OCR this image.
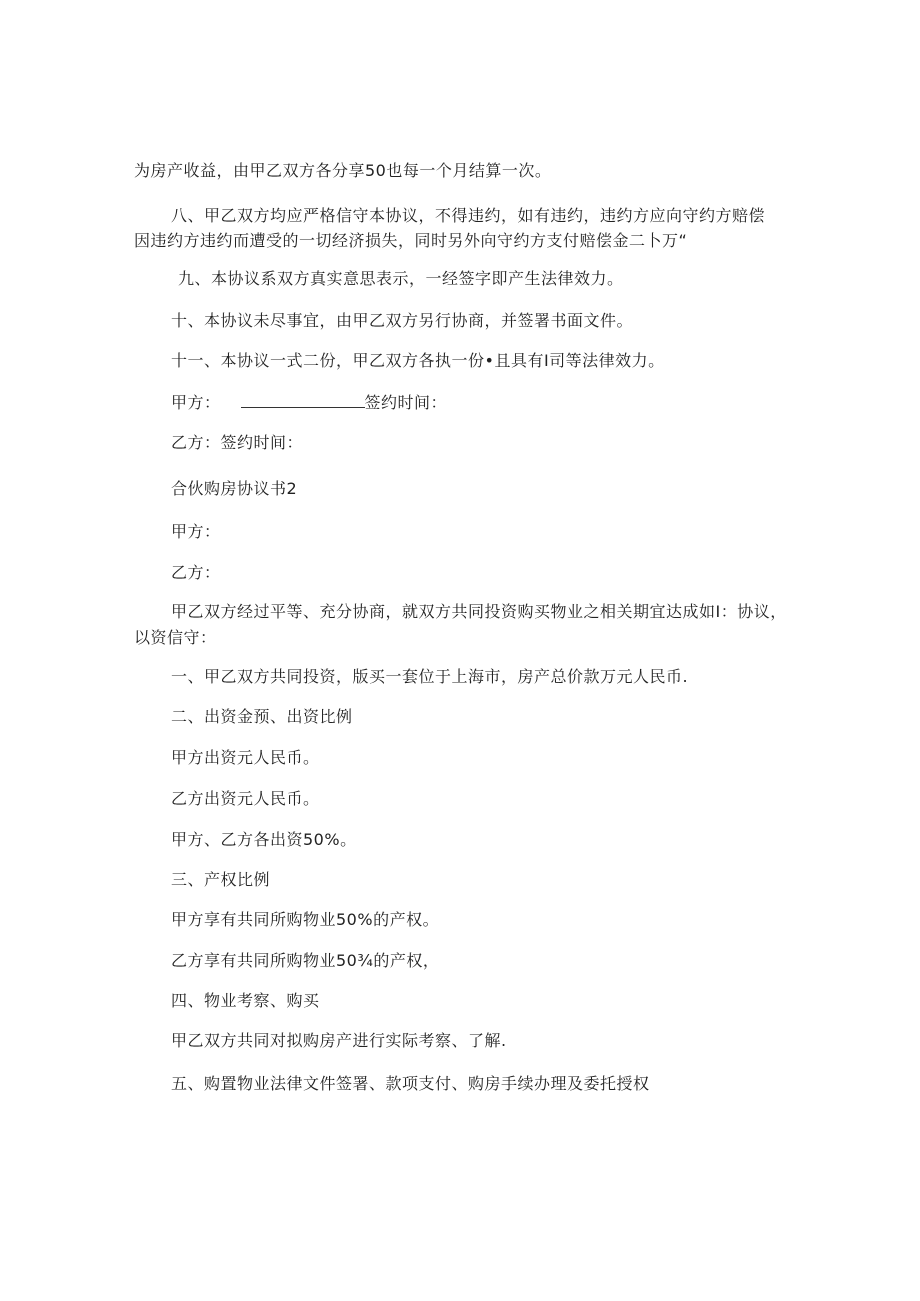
为房产收益，由甲乙双方各分享50也每一个月结算一次。
八、甲乙双方均应严格信守本协议，不得违约，如有违约，违约方应向守约方赔偿
因违约方违约而遭受的一切经济损失，同时另外向守约方支付赔偿金二卜万“
九、本协议系双方真实意思表示，一经签字即产生法律效力。
十、本协议未尽事宜，由甲乙双方另行协商，并签署书面文件。
十一、本协议一式二份，甲乙双方各执一份•且具有I司等法律效力。
甲方：	签约时间：
乙方：签约时间：
合伙购房协议书2
甲方：
乙方：
甲乙双方经过平等、充分协商，就双方共同投资购买物业之相关期宜达成如I：协议，
以资信守：
一、甲乙双方共同投资，版买一套位于上海市，房产总价款万元人民币.
二、出资金预、出资比例
甲方出资元人民币。
乙方出资元人民币。
甲方、乙方各出资50%。
三、产权比例
甲方享有共同所购物业50%的产权。
乙方享有共同所购物业50¾的产权，
四、物业考察、购买
甲乙双方共同对拟购房产进行实际考察、了解.
五、购置物业法律文件签署、款项支付、购房手续办理及委托授权
